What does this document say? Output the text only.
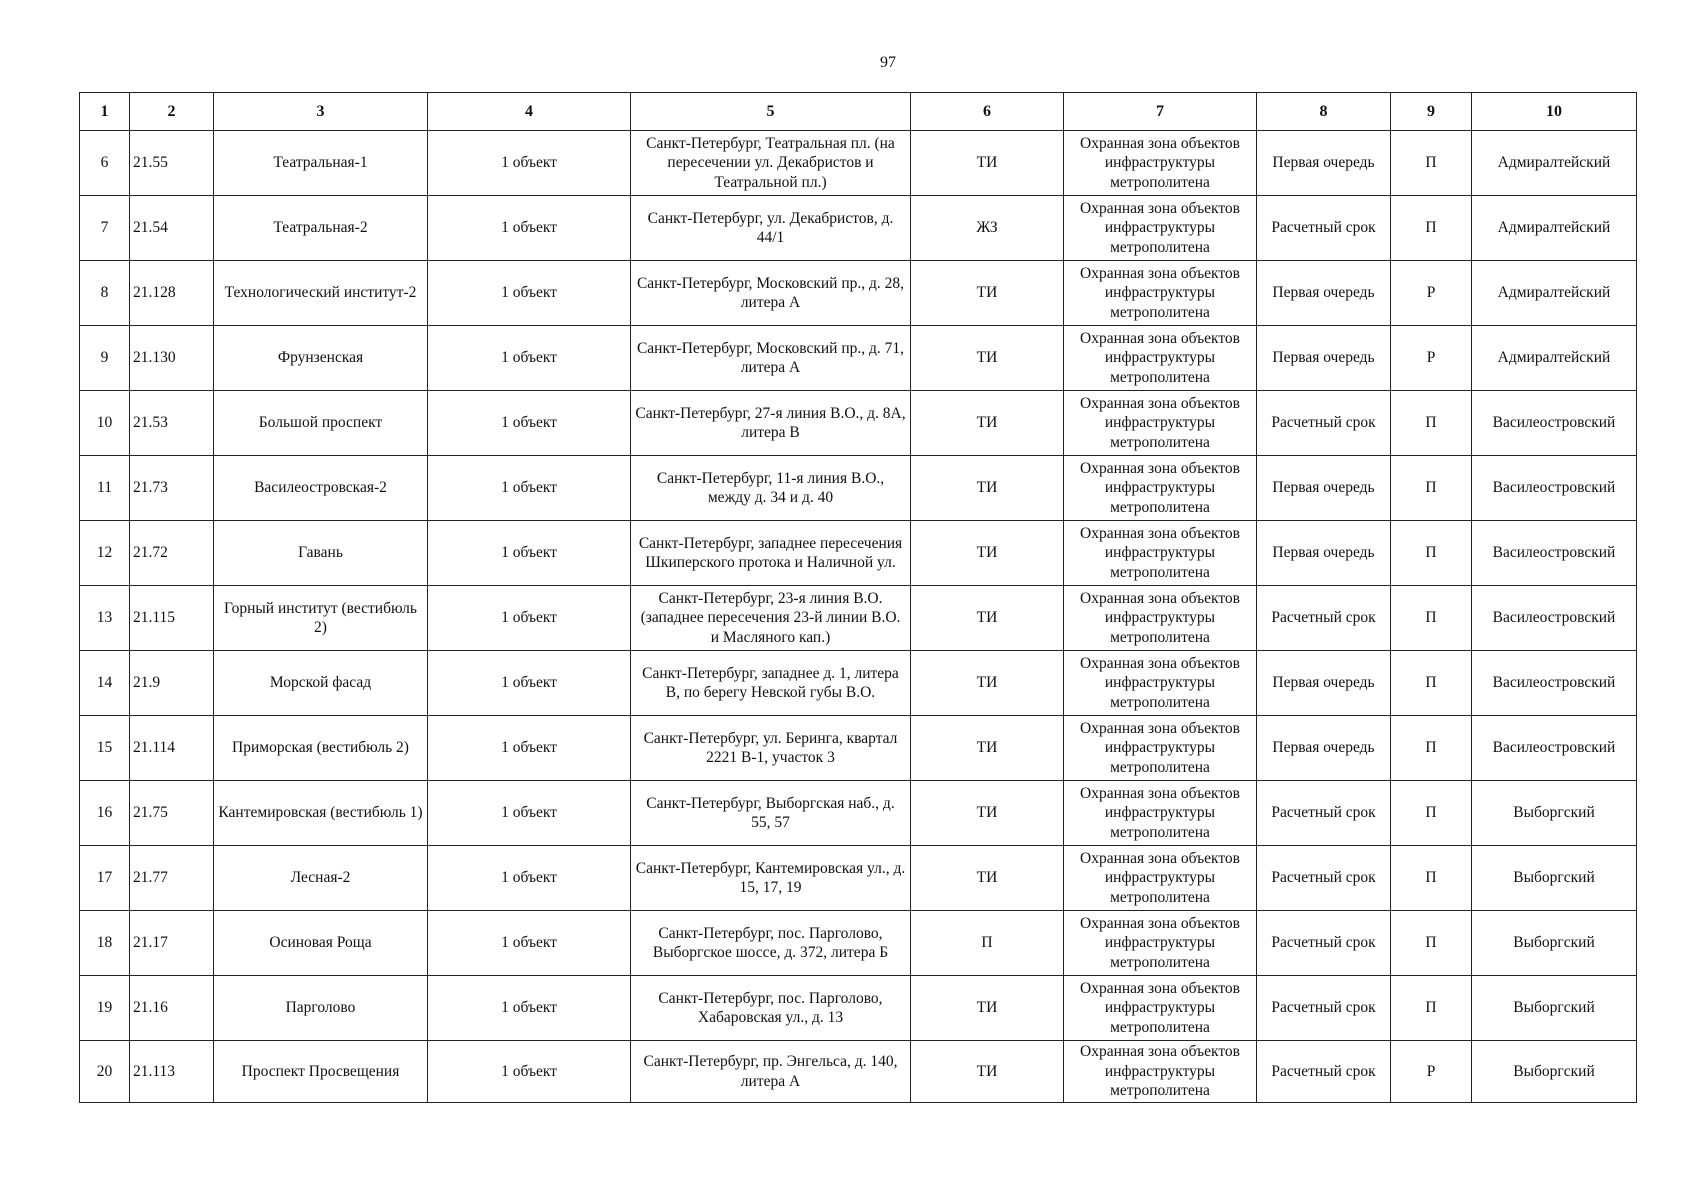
97
1	2	3	4	5	6	7	8	9	10
6	21.55	Театральная-1	1 объект	Санкт-Петербург, Театральная пл. (на пересечении ул. Декабристов и Театральной пл.)	ТИ	Охранная зона объектов инфраструктуры метрополитена	Первая очередь	П	Адмиралтейский
7	21.54	Театральная-2	1 объект	Санкт-Петербург, ул. Декабристов, д. 44/1	ЖЗ	Охранная зона объектов инфраструктуры метрополитена	Расчетный срок	П	Адмиралтейский
8	21.128	Технологический институт-2	1 объект	Санкт-Петербург, Московский пр., д. 28, литера А	ТИ	Охранная зона объектов инфраструктуры метрополитена	Первая очередь	Р	Адмиралтейский
9	21.130	Фрунзенская	1 объект	Санкт-Петербург, Московский пр., д. 71, литера А	ТИ	Охранная зона объектов инфраструктуры метрополитена	Первая очередь	Р	Адмиралтейский
10	21.53	Большой проспект	1 объект	Санкт-Петербург, 27-я линия В.О., д. 8А, литера В	ТИ	Охранная зона объектов инфраструктуры метрополитена	Расчетный срок	П	Василеостровский
11	21.73	Василеостровская-2	1 объект	Санкт-Петербург, 11-я линия В.О., между д. 34 и д. 40	ТИ	Охранная зона объектов инфраструктуры метрополитена	Первая очередь	П	Василеостровский
12	21.72	Гавань	1 объект	Санкт-Петербург, западнее пересечения Шкиперского протока и Наличной ул.	ТИ	Охранная зона объектов инфраструктуры метрополитена	Первая очередь	П	Василеостровский
13	21.115	Горный институт (вестибюль 2)	1 объект	Санкт-Петербург, 23-я линия В.О. (западнее пересечения 23-й линии В.О. и Масляного кап.)	ТИ	Охранная зона объектов инфраструктуры метрополитена	Расчетный срок	П	Василеостровский
14	21.9	Морской фасад	1 объект	Санкт-Петербург, западнее д. 1, литера В, по берегу Невской губы В.О.	ТИ	Охранная зона объектов инфраструктуры метрополитена	Первая очередь	П	Василеостровский
15	21.114	Приморская (вестибюль 2)	1 объект	Санкт-Петербург, ул. Беринга, квартал 2221 В-1, участок 3	ТИ	Охранная зона объектов инфраструктуры метрополитена	Первая очередь	П	Василеостровский
16	21.75	Кантемировская (вестибюль 1)	1 объект	Санкт-Петербург, Выборгская наб., д. 55, 57	ТИ	Охранная зона объектов инфраструктуры метрополитена	Расчетный срок	П	Выборгский
17	21.77	Лесная-2	1 объект	Санкт-Петербург, Кантемировская ул., д. 15, 17, 19	ТИ	Охранная зона объектов инфраструктуры метрополитена	Расчетный срок	П	Выборгский
18	21.17	Осиновая Роща	1 объект	Санкт-Петербург, пос. Парголово, Выборгское шоссе, д. 372, литера Б	П	Охранная зона объектов инфраструктуры метрополитена	Расчетный срок	П	Выборгский
19	21.16	Парголово	1 объект	Санкт-Петербург, пос. Парголово, Хабаровская ул., д. 13	ТИ	Охранная зона объектов инфраструктуры метрополитена	Расчетный срок	П	Выборгский
20	21.113	Проспект Просвещения	1 объект	Санкт-Петербург, пр. Энгельса, д. 140, литера А	ТИ	Охранная зона объектов инфраструктуры метрополитена	Расчетный срок	Р	Выборгский
